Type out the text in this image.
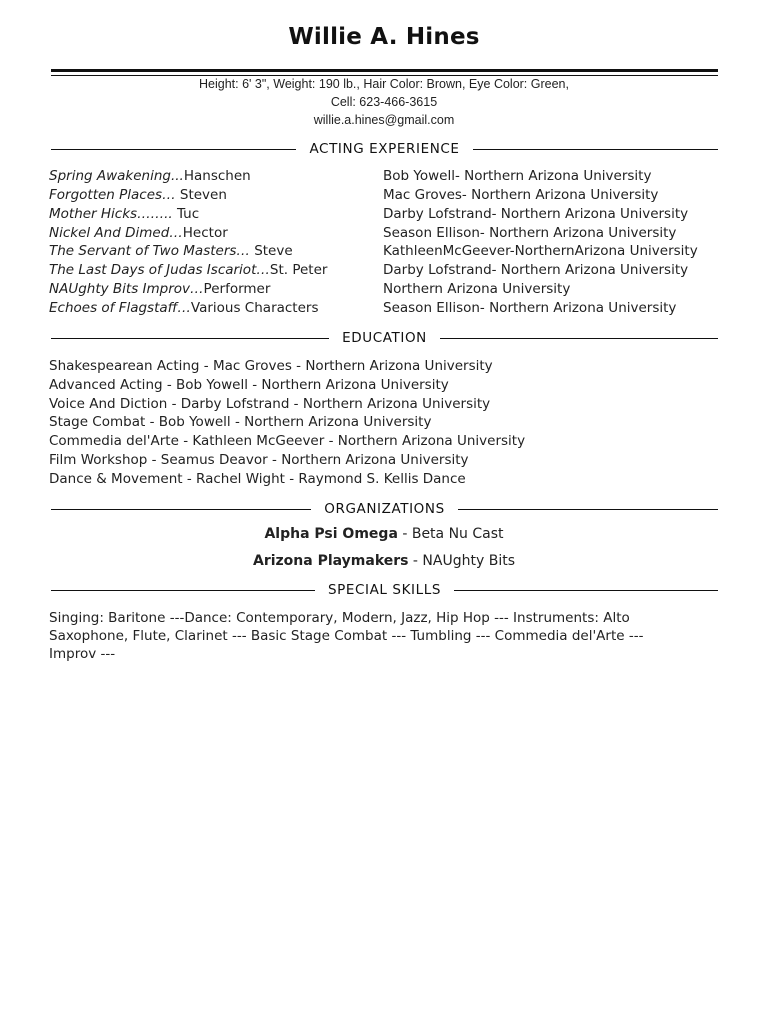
Willie A. Hines
Height: 6' 3", Weight: 190 lb., Hair Color: Brown, Eye Color: Green,
Cell: 623-466-3615
willie.a.hines@gmail.com
ACTING EXPERIENCE
Spring Awakening...Hanschen	Bob Yowell- Northern Arizona University
Forgotten Places… Steven	Mac Groves- Northern Arizona University
Mother Hicks…….. Tuc	Darby Lofstrand- Northern Arizona University
Nickel And Dimed…Hector	Season Ellison- Northern Arizona University
The Servant of Two Masters… Steve	KathleenMcGeever-NorthernArizona University
The Last Days of Judas Iscariot…St. Peter	Darby Lofstrand- Northern Arizona University
NAUghty Bits Improv…Performer	Northern Arizona University
Echoes of Flagstaff…Various Characters	Season Ellison- Northern Arizona University
EDUCATION
Shakespearean Acting - Mac Groves - Northern Arizona University
Advanced Acting - Bob Yowell - Northern Arizona University
Voice And Diction - Darby Lofstrand - Northern Arizona University
Stage Combat - Bob Yowell - Northern Arizona University
Commedia del'Arte - Kathleen McGeever - Northern Arizona University
Film Workshop - Seamus Deavor - Northern Arizona University
Dance & Movement - Rachel Wight - Raymond S. Kellis Dance
ORGANIZATIONS
Alpha Psi Omega - Beta Nu Cast
Arizona Playmakers - NAUghty Bits
SPECIAL SKILLS
Singing: Baritone ---Dance: Contemporary, Modern, Jazz, Hip Hop --- Instruments: Alto Saxophone, Flute, Clarinet --- Basic Stage Combat --- Tumbling --- Commedia del'Arte --- Improv ---
